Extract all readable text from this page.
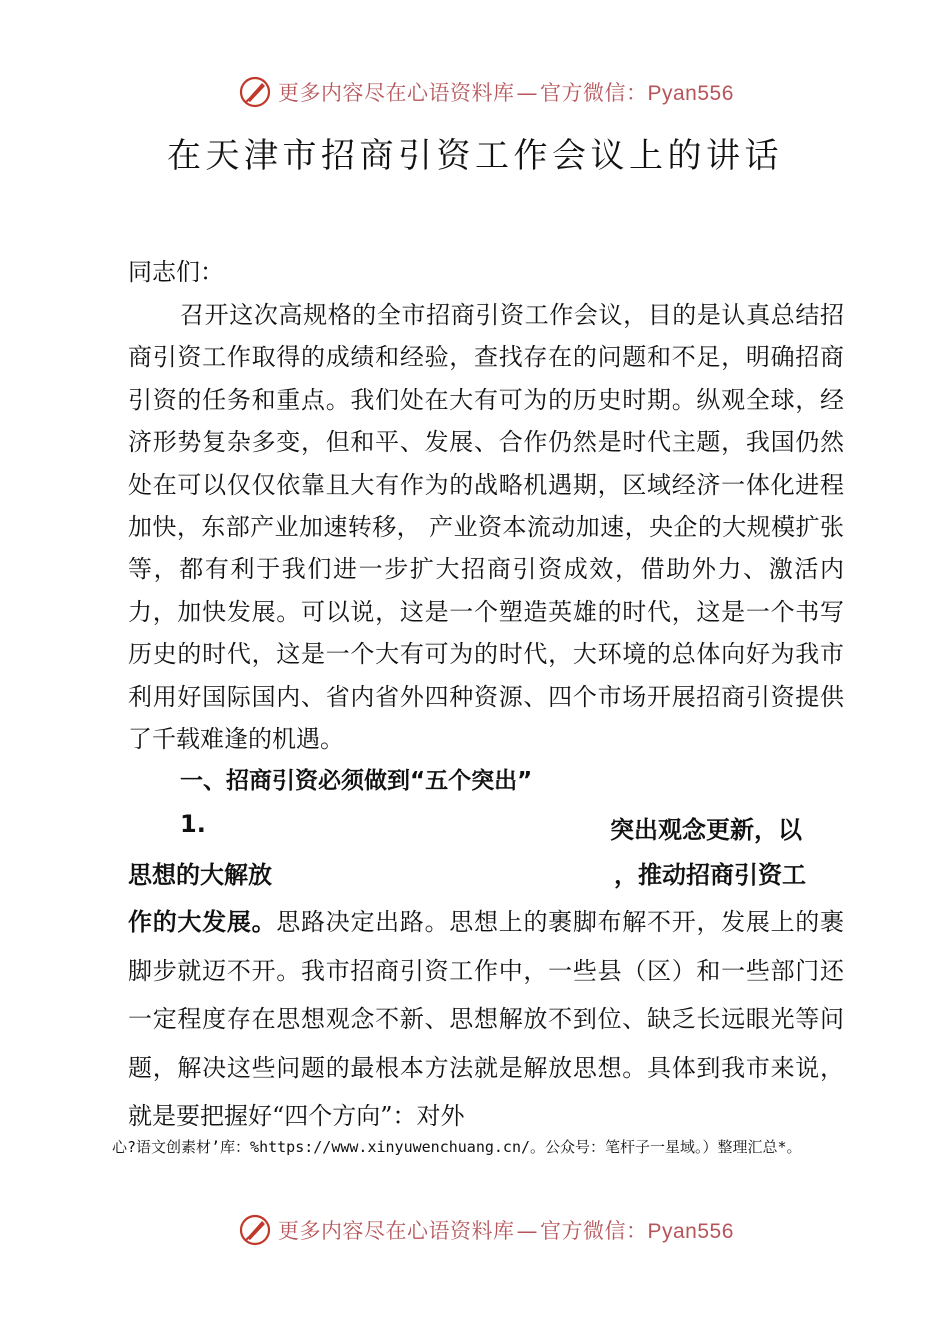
更多内容尽在心语资料库—官方微信：Pyan556
在天津市招商引资工作会议上的讲话
同志们：

召开这次高规格的全市招商引资工作会议，目的是认真总结招商引资工作取得的成绩和经验，查找存在的问题和不足，明确招商引资的任务和重点。我们处在大有可为的历史时期。纵观全球，经济形势复杂多变，但和平、发展、合作仍然是时代主题，我国仍然处在可以仅仅依靠且大有作为的战略机遇期，区域经济一体化进程加快，东部产业加速转移， 产业资本流动加速，央企的大规模扩张等，都有利于我们进一步扩大招商引资成效，借助外力、激活内力，加快发展。可以说，这是一个塑造英雄的时代，这是一个书写历史的时代，这是一个大有可为的时代，大环境的总体向好为我市利用好国际国内、省内省外四种资源、四个市场开展招商引资提供了千载难逢的机遇。

一、招商引资必须做到“五个突出”
1.	突出观念更新，以
思想的大解放	，推动招商引资工

作的大发展。思路决定出路。思想上的裹脚布解不开，发展上的裹脚步就迈不开。我市招商引资工作中，一些县（区）和一些部门还一定程度存在思想观念不新、思想解放不到位、缺乏长远眼光等问题，解决这些问题的最根本方法就是解放思想。具体到我市来说，就是要把握好“四个方向”：对外

心?语文创素材’库：%https://www.xinyuwenchuang.cn/。公众号：笔杆子一星域。）整理汇总*。
更多内容尽在心语资料库—官方微信：Pyan556
